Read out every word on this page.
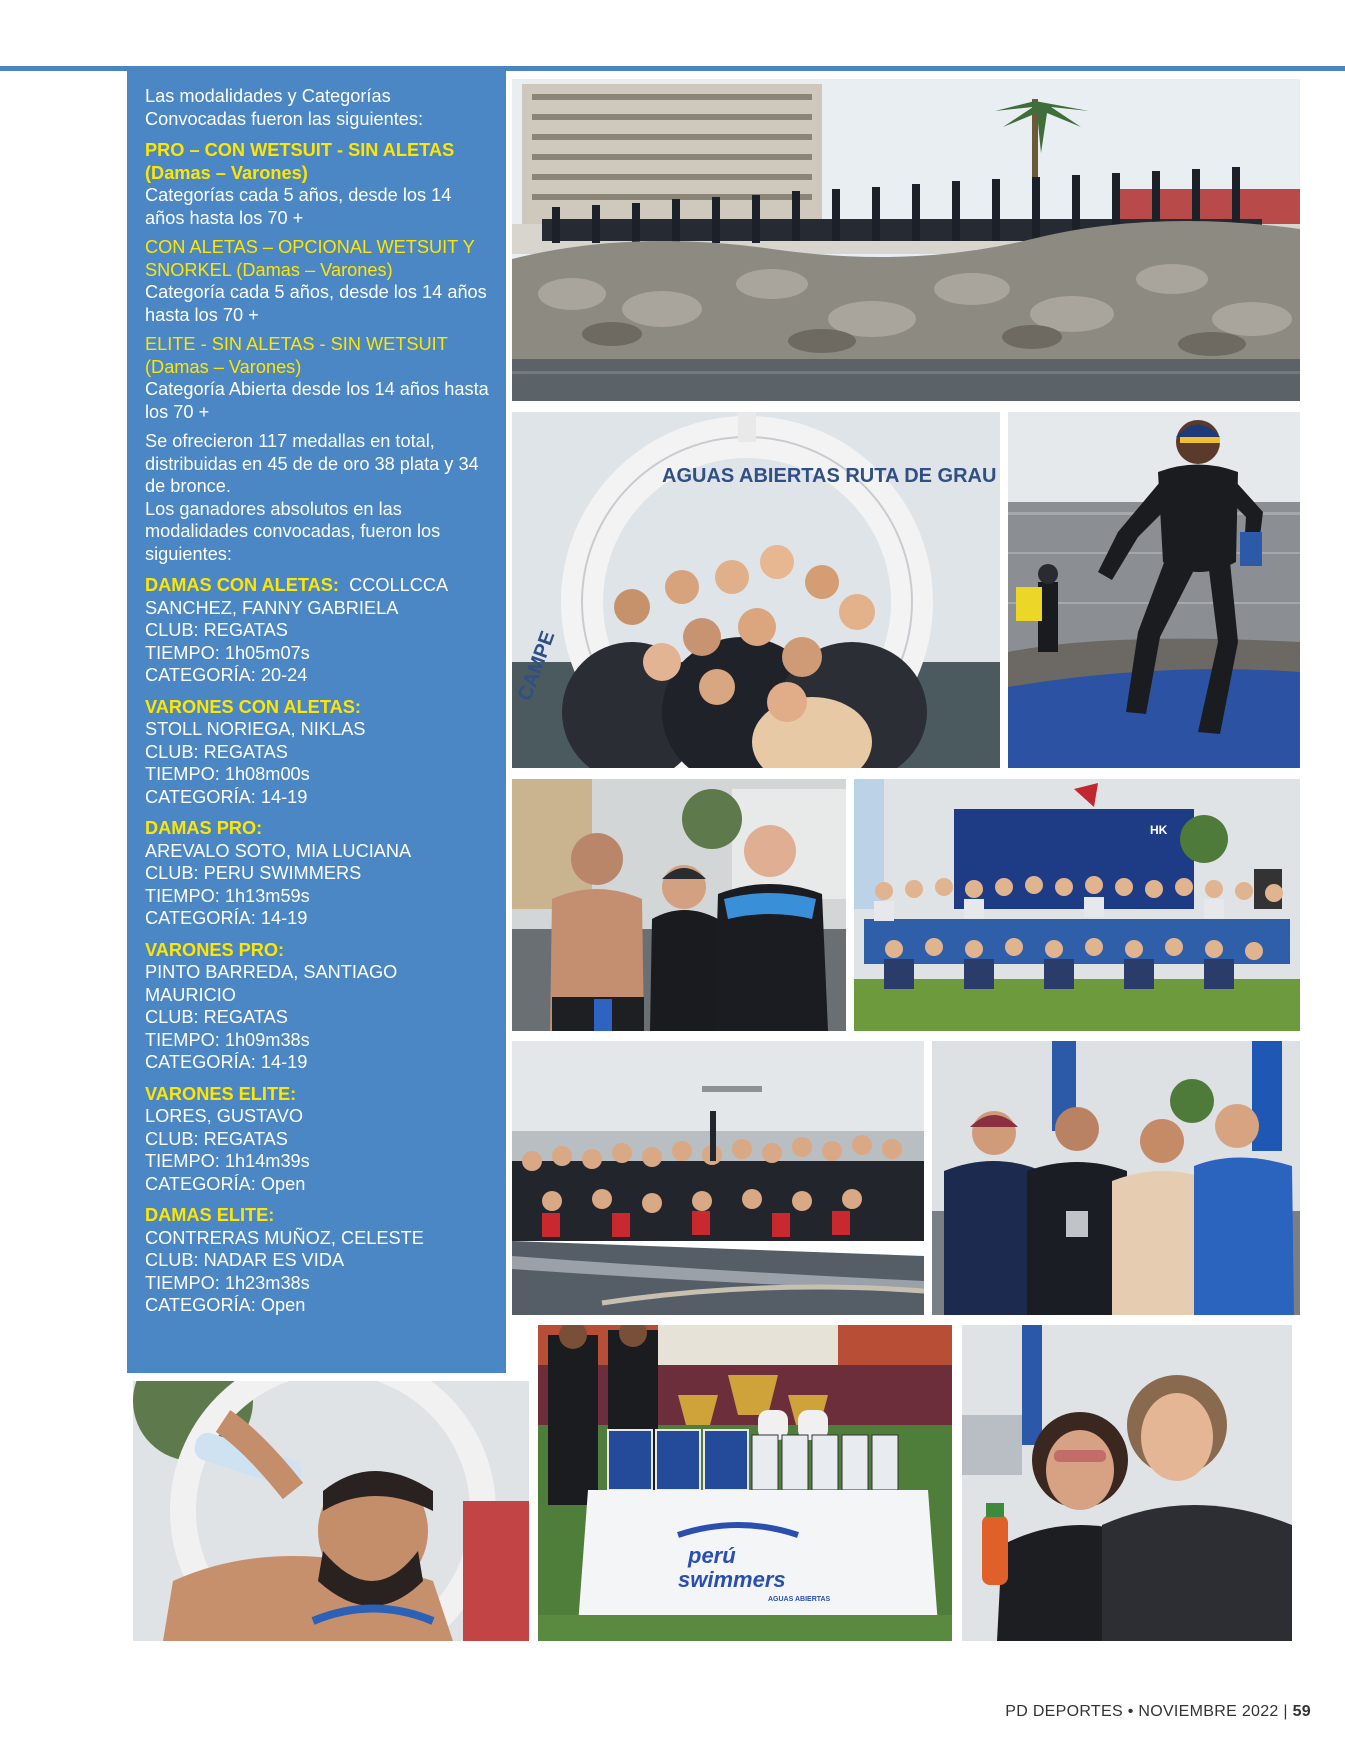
Las modalidades y Categorías Convocadas fueron las siguientes:

PRO – CON WETSUIT - SIN ALETAS

(Damas – Varones)

Categorías cada 5 años, desde los 14 años hasta los 70 +

CON ALETAS – OPCIONAL WETSUIT Y SNORKEL (Damas – Varones)

Categoría cada 5 años, desde los 14 años hasta los 70 +

ELITE - SIN ALETAS - SIN WETSUIT (Damas – Varones)

Categoría Abierta desde los 14 años hasta los 70 +

Se ofrecieron 117 medallas en total, distribuidas en 45 de de oro 38 plata y 34 de bronce.

Los ganadores absolutos en las modalidades convocadas, fueron los siguientes:

DAMAS CON ALETAS: CCOLLCCA SANCHEZ, FANNY GABRIELA

CLUB: REGATAS

TIEMPO: 1h05m07s

CATEGORÍA: 20-24

VARONES CON ALETAS:

STOLL NORIEGA, NIKLAS

CLUB: REGATAS

TIEMPO: 1h08m00s

CATEGORÍA: 14-19

DAMAS PRO:

AREVALO SOTO, MIA LUCIANA

CLUB: PERU SWIMMERS

TIEMPO: 1h13m59s

CATEGORÍA: 14-19

VARONES PRO:

PINTO BARREDA, SANTIAGO MAURICIO

CLUB: REGATAS

TIEMPO: 1h09m38s

CATEGORÍA: 14-19

VARONES ELITE:

LORES, GUSTAVO

CLUB: REGATAS

TIEMPO: 1h14m39s

CATEGORÍA: Open

DAMAS ELITE:

CONTRERAS MUÑOZ, CELESTE

CLUB: NADAR ES VIDA

TIEMPO: 1h23m38s

CATEGORÍA: Open

AGUAS ABIERTAS RUTA DE GRAU
CAMPE
HK
perú
swimmers
AGUAS ABIERTAS
PD DEPORTES • NOVIEMBRE 2022 | 59
